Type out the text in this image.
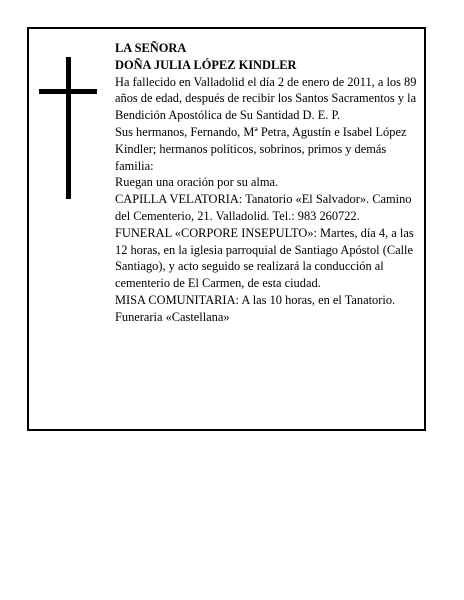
LA SEÑORA

DOÑA JULIA LÓPEZ KINDLER

Ha fallecido en Valladolid el día 2 de enero de 2011, a los 89 años de edad, después de recibir los Santos Sacramentos y la Bendición Apostólica de Su Santidad D. E. P.

Sus hermanos, Fernando, Mª Petra, Agustín e Isabel López Kindler; hermanos políticos, sobrinos, primos y demás familia:

Ruegan una oración por su alma.

CAPILLA VELATORIA: Tanatorio «El Salvador». Camino del Cementerio, 21. Valladolid. Tel.: 983 260722.

FUNERAL «CORPORE INSEPULTO»: Martes, día 4, a las 12 horas, en la iglesia parroquial de Santiago Apóstol (Calle Santiago), y acto seguido se realizará la conducción al cementerio de El Carmen, de esta ciudad.

MISA COMUNITARIA: A las 10 horas, en el Tanatorio.

Funeraria «Castellana»
